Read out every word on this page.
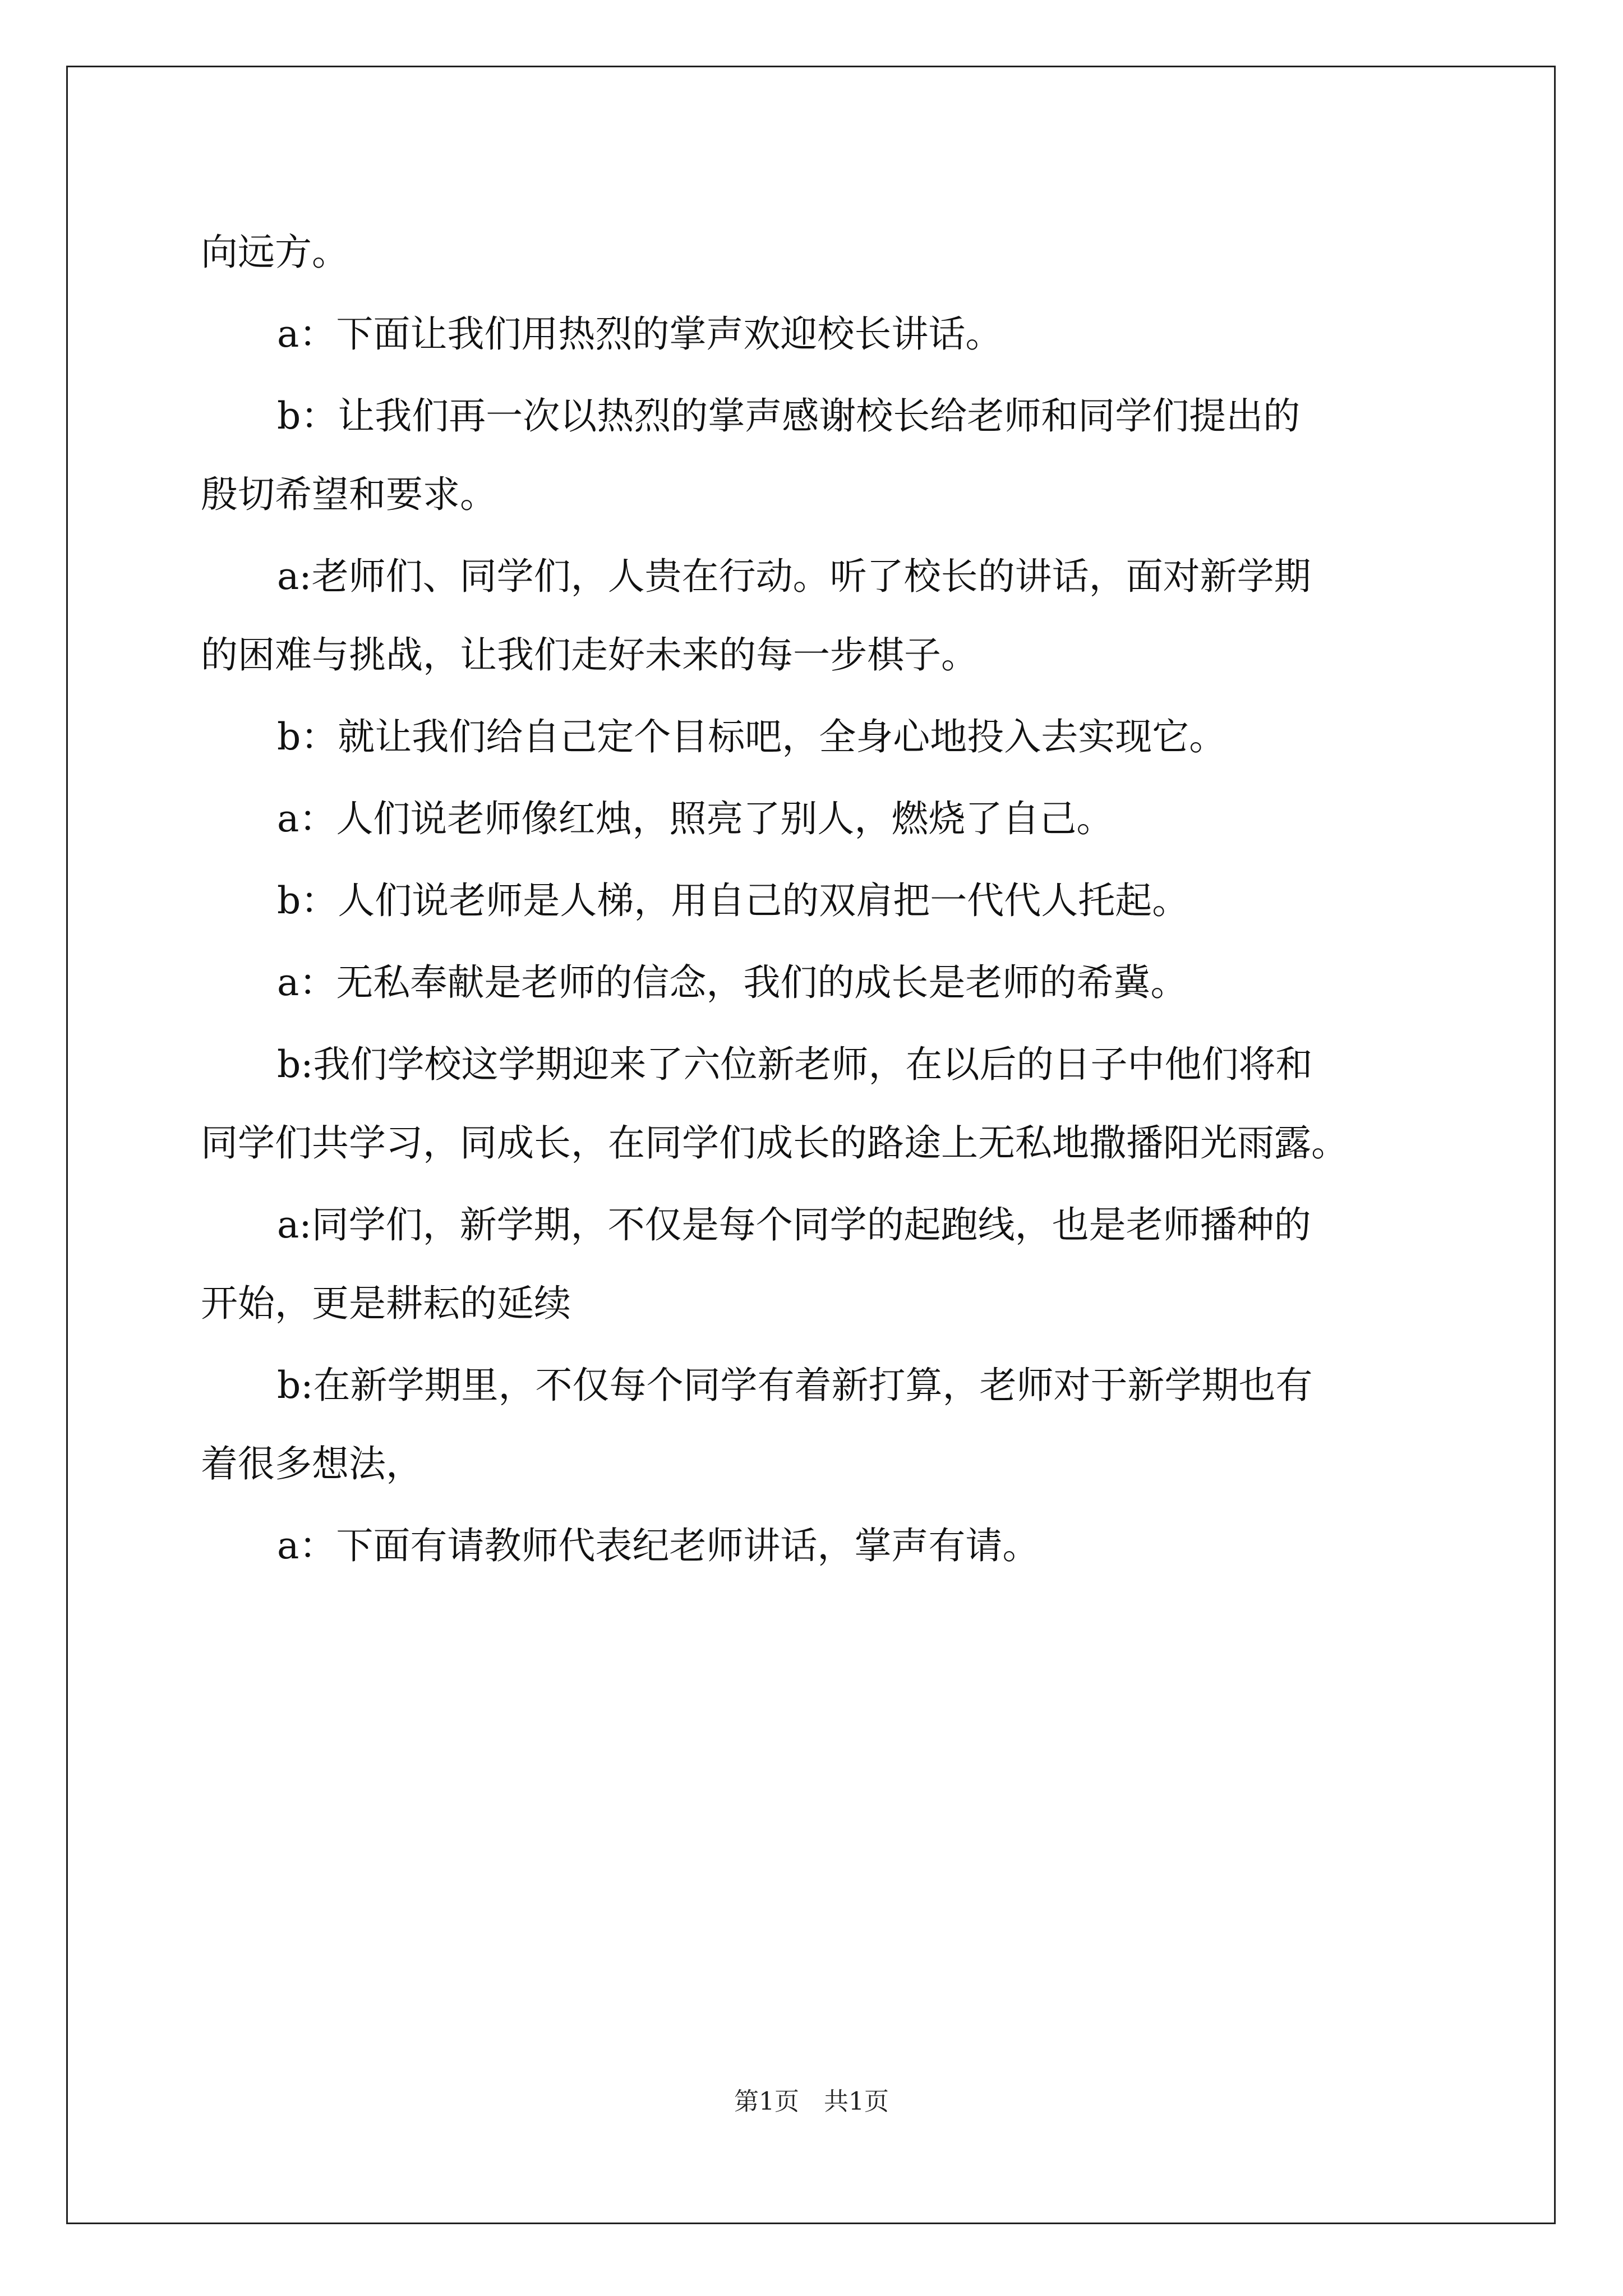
向远方。
a：下面让我们用热烈的掌声欢迎校长讲话。
b：让我们再一次以热烈的掌声感谢校长给老师和同学们提出的
殷切希望和要求。
a:老师们、同学们，人贵在行动。听了校长的讲话，面对新学期
的困难与挑战，让我们走好未来的每一步棋子。
b：就让我们给自己定个目标吧，全身心地投入去实现它。
a：人们说老师像红烛，照亮了别人，燃烧了自己。
b：人们说老师是人梯，用自己的双肩把一代代人托起。
a：无私奉献是老师的信念，我们的成长是老师的希冀。
b:我们学校这学期迎来了六位新老师，在以后的日子中他们将和
同学们共学习，同成长，在同学们成长的路途上无私地撒播阳光雨露。
a:同学们，新学期，不仅是每个同学的起跑线，也是老师播种的
开始，更是耕耘的延续
b:在新学期里，不仅每个同学有着新打算，老师对于新学期也有
着很多想法，
a：下面有请教师代表纪老师讲话，掌声有请。
第1页　共1页
